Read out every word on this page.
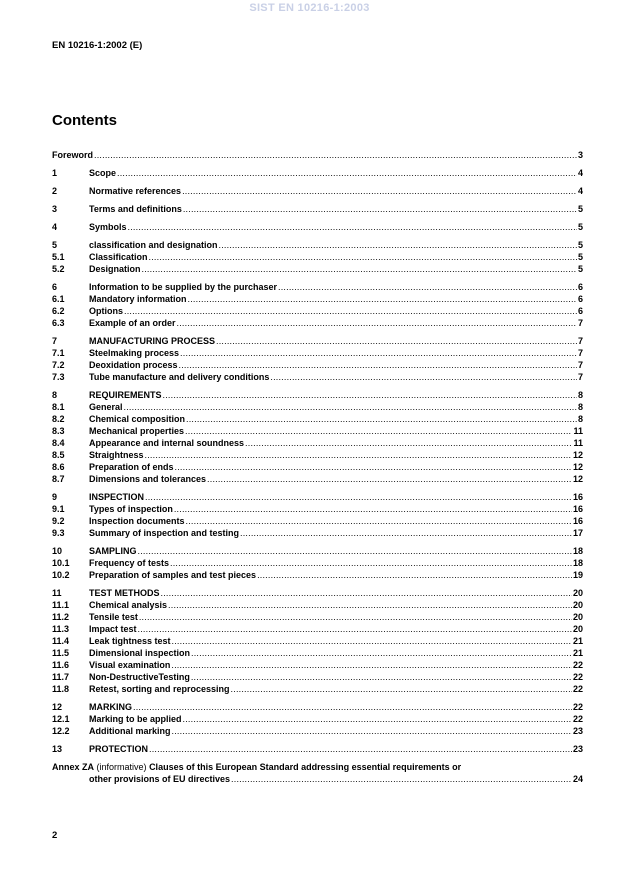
SIST EN 10216-1:2003
EN 10216-1:2002 (E)
Contents
Foreword .....	3
1	Scope .....	4
2	Normative references .....	4
3	Terms and definitions .....	5
4	Symbols .....	5
5	classification and designation .....	5
5.1	Classification .....	5
5.2	Designation .....	5
6	Information to be supplied by the purchaser .....	6
6.1	Mandatory information .....	6
6.2	Options .....	6
6.3	Example of an order .....	7
7	MANUFACTURING PROCESS .....	7
7.1	Steelmaking process .....	7
7.2	Deoxidation process .....	7
7.3	Tube manufacture and delivery conditions .....	7
8	REQUIREMENTS .....	8
8.1	General .....	8
8.2	Chemical composition .....	8
8.3	Mechanical properties .....	11
8.4	Appearance and internal soundness .....	11
8.5	Straightness .....	12
8.6	Preparation of ends .....	12
8.7	Dimensions and tolerances .....	12
9	INSPECTION .....	16
9.1	Types of inspection .....	16
9.2	Inspection documents .....	16
9.3	Summary of inspection and testing .....	17
10	SAMPLING .....	18
10.1 Frequency of tests .....	18
10.2 Preparation of samples and test pieces .....	19
11	TEST METHODS .....	20
11.1 Chemical analysis .....	20
11.2 Tensile test .....	20
11.3 Impact test .....	20
11.4 Leak tightness test .....	21
11.5 Dimensional inspection .....	21
11.6 Visual examination .....	22
11.7 Non-DestructiveTesting .....	22
11.8 Retest, sorting and reprocessing .....	22
12	MARKING .....	22
12.1 Marking to be applied .....	22
12.2 Additional marking .....	23
13	PROTECTION .....	23
Annex ZA (informative) Clauses of this European Standard addressing essential requirements or
other provisions of EU directives .....	24
2
